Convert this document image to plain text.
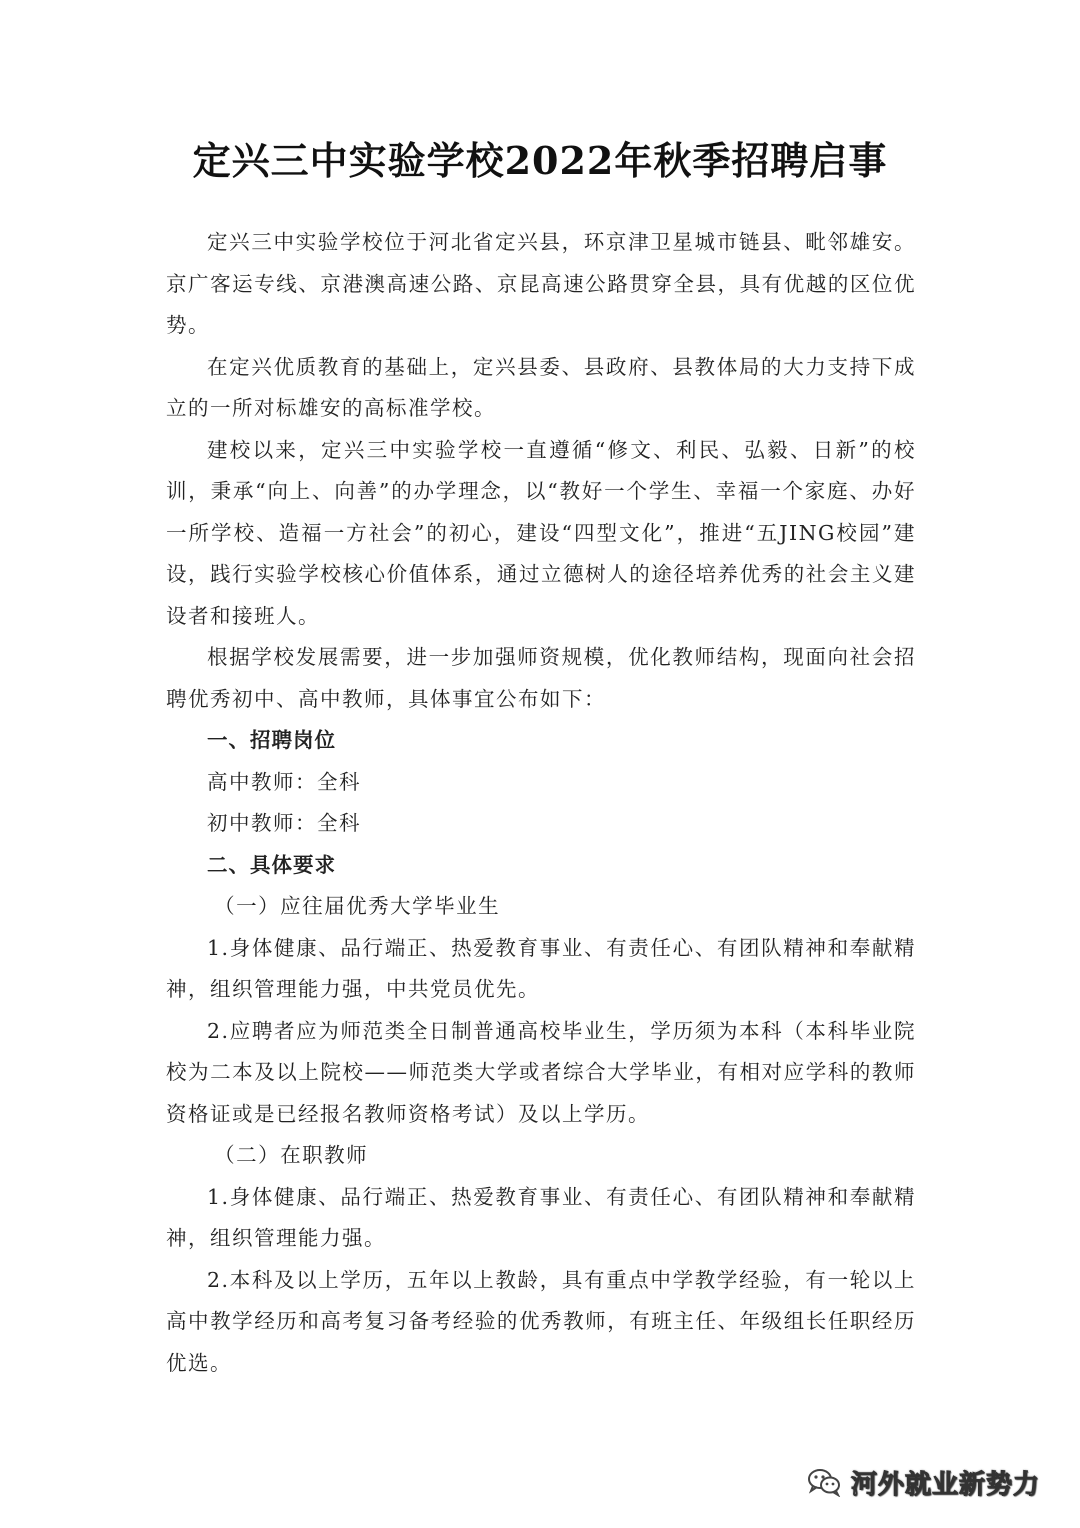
定兴三中实验学校2022年秋季招聘启事

定兴三中实验学校位于河北省定兴县，环京津卫星城市链县、毗邻雄安。京广客运专线、京港澳高速公路、京昆高速公路贯穿全县，具有优越的区位优势。

在定兴优质教育的基础上，定兴县委、县政府、县教体局的大力支持下成立的一所对标雄安的高标准学校。

建校以来，定兴三中实验学校一直遵循“修文、利民、弘毅、日新”的校训，秉承“向上、向善”的办学理念，以“教好一个学生、幸福一个家庭、办好一所学校、造福一方社会”的初心，建设“四型文化”，推进“五JING校园”建设，践行实验学校核心价值体系，通过立德树人的途径培养优秀的社会主义建设者和接班人。

根据学校发展需要，进一步加强师资规模，优化教师结构，现面向社会招聘优秀初中、高中教师，具体事宜公布如下：

一、招聘岗位

高中教师：全科

初中教师：全科

二、具体要求

（一）应往届优秀大学毕业生

1.身体健康、品行端正、热爱教育事业、有责任心、有团队精神和奉献精神，组织管理能力强，中共党员优先。

2.应聘者应为师范类全日制普通高校毕业生，学历须为本科（本科毕业院校为二本及以上院校——师范类大学或者综合大学毕业，有相对应学科的教师资格证或是已经报名教师资格考试）及以上学历。

（二）在职教师

1.身体健康、品行端正、热爱教育事业、有责任心、有团队精神和奉献精神，组织管理能力强。

2.本科及以上学历，五年以上教龄，具有重点中学教学经验，有一轮以上高中教学经历和高考复习备考经验的优秀教师，有班主任、年级组长任职经历优选。

河外就业新势力
